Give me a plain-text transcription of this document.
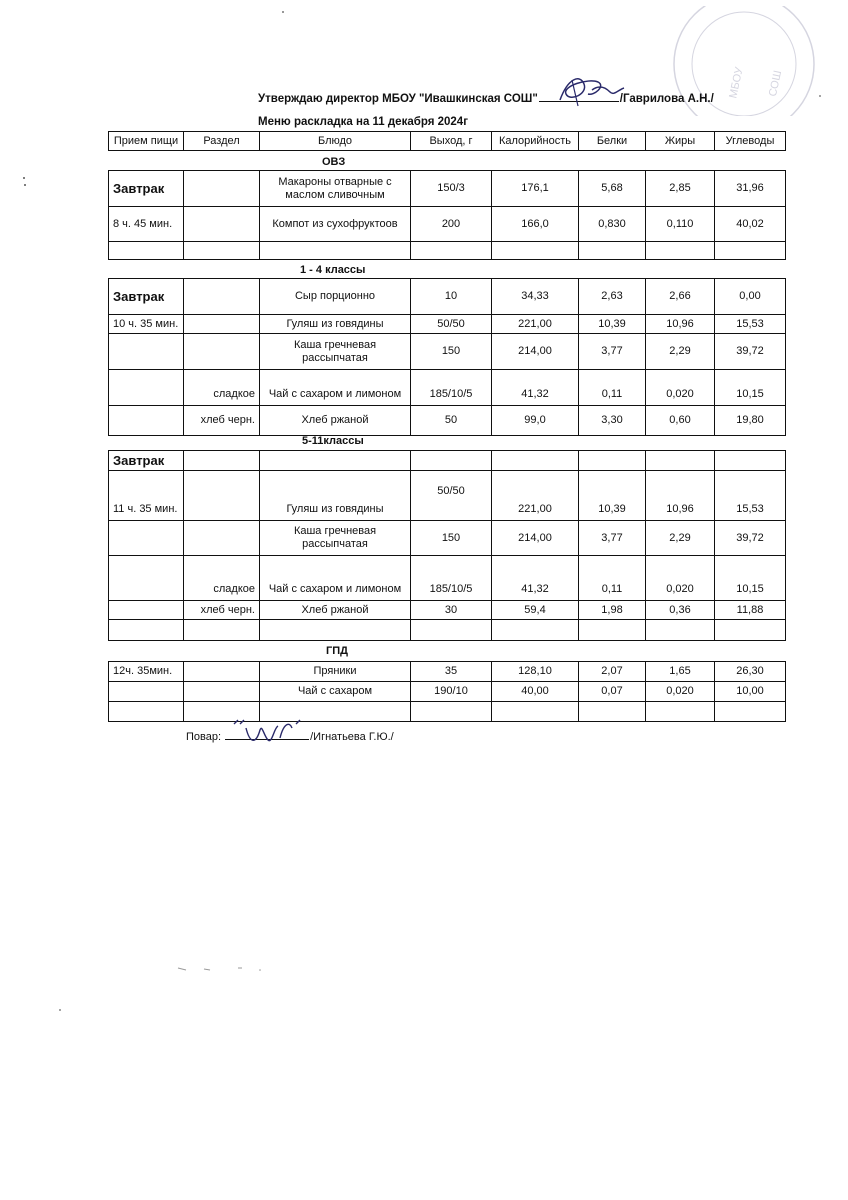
МБОУ СОШ
Утверждаю директор МБОУ "Ивашкинская СОШ"	/Гаврилова А.Н./
Меню раскладка на 11 декабря 2024г
Прием пищи	Раздел	Блюдо	Выход, г	Калорийность	Белки	Жиры	Углеводы
ОВЗ
Завтрак		Макароны отварные с маслом сливочным	150/3	176,1	5,68	2,85	31,96
8 ч. 45 мин.		Компот из сухофруктоов	200	166,0	0,830	0,110	40,02

1 - 4 классы
Завтрак		Сыр порционно	10	34,33	2,63	2,66	0,00
10 ч. 35 мин.		Гуляш из говядины	50/50	221,00	10,39	10,96	15,53
		Каша гречневая рассыпчатая	150	214,00	3,77	2,29	39,72
	сладкое	Чай с сахаром и лимоном	185/10/5	41,32	0,11	0,020	10,15
	хлеб черн.	Хлеб ржаной	50	99,0	3,30	0,60	19,80
5-11классы
Завтрак							
11 ч. 35 мин.		Гуляш из говядины	50/50	221,00	10,39	10,96	15,53
		Каша гречневая рассыпчатая	150	214,00	3,77	2,29	39,72
	сладкое	Чай с сахаром и лимоном	185/10/5	41,32	0,11	0,020	10,15
	хлеб черн.	Хлеб ржаной	30	59,4	1,98	0,36	11,88

ГПД
12ч. 35мин.		Пряники	35	128,10	2,07	1,65	26,30
		Чай с сахаром	190/10	40,00	0,07	0,020	10,00

Повар:	/Игнатьева Г.Ю./
